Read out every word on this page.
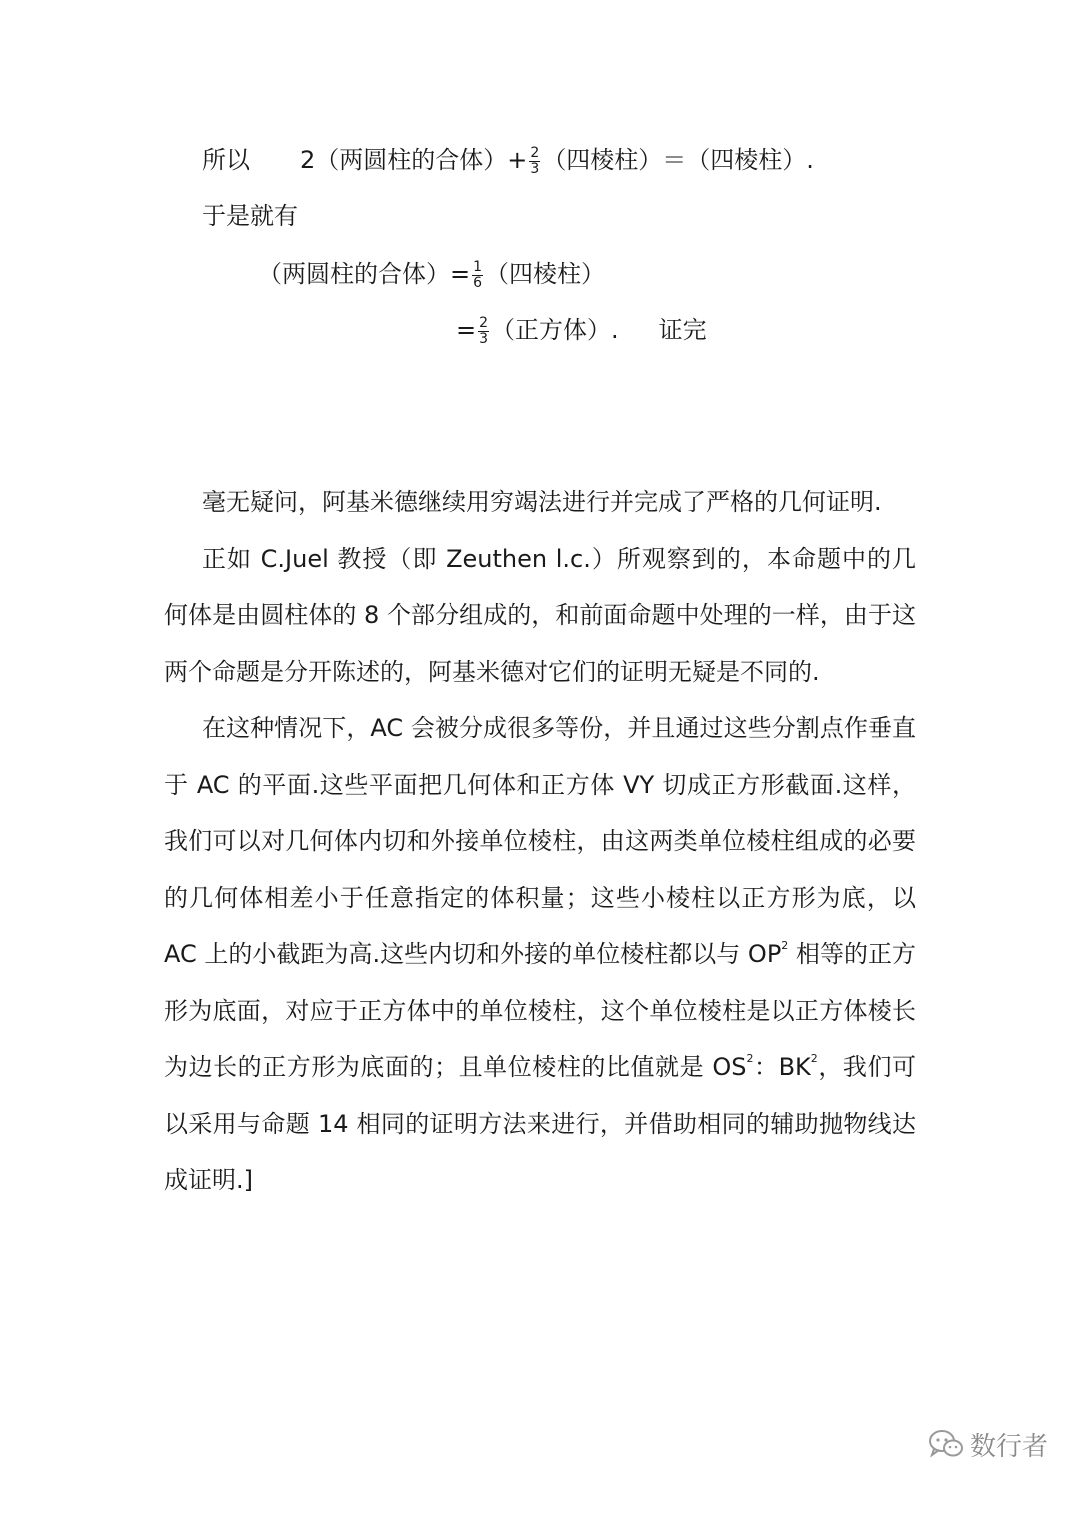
所以 2（两圆柱的合体）+ $\frac{2}{3}$ （四棱柱）＝（四棱柱）.
于是就有
（两圆柱的合体）= $\frac{1}{6}$ （四棱柱）
= $\frac{2}{3}$ （正方体）. 证完

毫无疑问，阿基米德继续用穷竭法进行并完成了严格的几何证明.

正如 C.Juel 教授（即 Zeuthen l.c.）所观察到的，本命题中的几何体是由圆柱体的 8 个部分组成的，和前面命题中处理的一样，由于这两个命题是分开陈述的，阿基米德对它们的证明无疑是不同的.

在这种情况下，AC 会被分成很多等份，并且通过这些分割点作垂直于 AC 的平面.这些平面把几何体和正方体 VY 切成正方形截面.这样，我们可以对几何体内切和外接单位棱柱，由这两类单位棱柱组成的必要的几何体相差小于任意指定的体积量；这些小棱柱以正方形为底，以 AC 上的小截距为高.这些内切和外接的单位棱柱都以与 $OP^2$ 相等的正方形为底面，对应于正方体中的单位棱柱，这个单位棱柱是以正方体棱长为边长的正方形为底面的；且单位棱柱的比值就是 $OS^2$：$BK^2$，我们可以采用与命题 14 相同的证明方法来进行，并借助相同的辅助抛物线达成证明.]

数行者
